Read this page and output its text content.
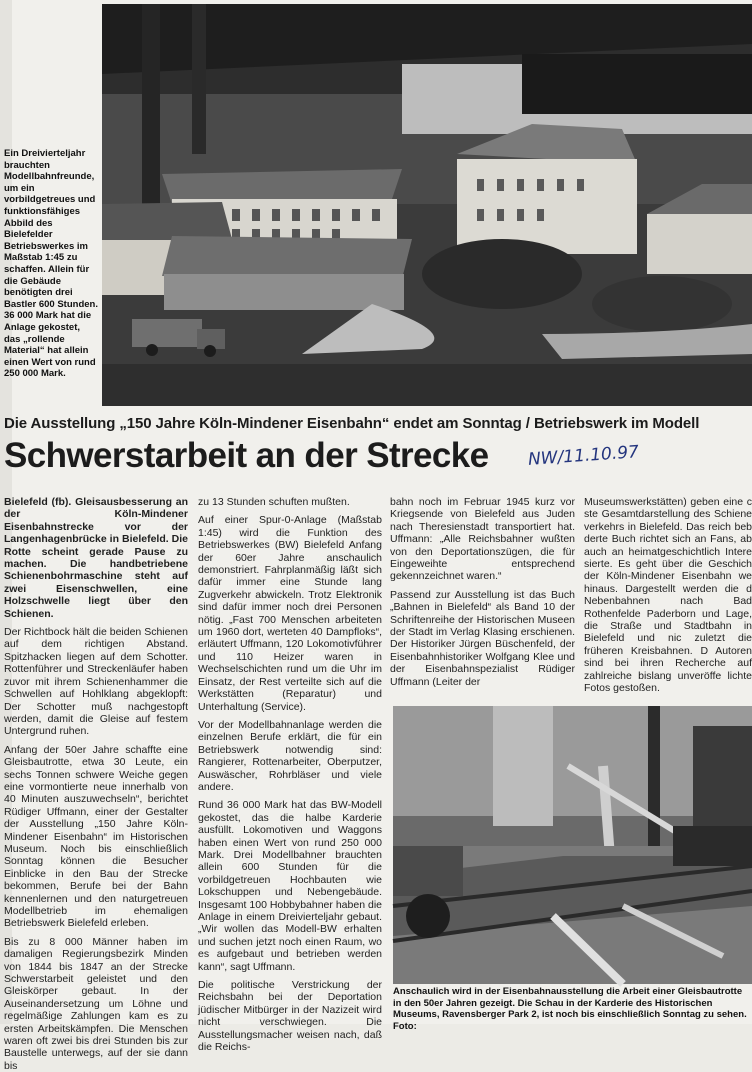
Ein Dreivierteljahr brauchten Modellbahnfreunde, um ein vorbildgetreues und funktionsfähiges Abbild des Bielefelder Betriebswerkes im Maßstab 1:45 zu schaffen. Allein für die Gebäude benötigten drei Bastler 600 Stunden. 36 000 Mark hat die Anlage gekostet, das „rollende Material“ hat allein einen Wert von rund 250 000 Mark.
Die Ausstellung „150 Jahre Köln-Mindener Eisenbahn“ endet am Sonntag / Betriebswerk im Modell
Schwerstarbeit an der Strecke	NW/11.10.97

Bielefeld (fb). Gleisausbesserung an der Köln-Mindener Eisenbahnstrecke vor der Langenhagenbrücke in Bielefeld. Die Rotte scheint gerade Pause zu machen. Die handbetriebene Schienenbohrmaschine steht auf zwei Eisenschwellen, eine Holzschwelle liegt über den Schienen.

Der Richtbock hält die beiden Schienen auf dem richtigen Abstand. Spitzhacken liegen auf dem Schotter. Rottenführer und Streckenläufer haben zuvor mit ihrem Schienenhammer die Schwellen auf Hohlklang abgeklopft: Der Schotter muß nachgestopft werden, damit die Gleise auf festem Untergrund ruhen.

Anfang der 50er Jahre schaffte eine Gleisbautrotte, etwa 30 Leute, ein sechs Tonnen schwere Weiche gegen eine vormontierte neue innerhalb von 40 Minuten auszuwechseln“, berichtet Rüdiger Uffmann, einer der Gestalter der Ausstellung „150 Jahre Köln-Mindener Eisenbahn“ im Historischen Museum. Noch bis einschließlich Sonntag können die Besucher Einblicke in den Bau der Strecke bekommen, Berufe bei der Bahn kennenlernen und den naturgetreuen Modellbetrieb im ehemaligen Betriebswerk Bielefeld erleben.

Bis zu 8 000 Männer haben im damaligen Regierungsbezirk Minden von 1844 bis 1847 an der Strecke Schwerstarbeit geleistet und den Gleiskörper gebaut. In der Auseinandersetzung um Löhne und regelmäßige Zahlungen kam es zu ersten Arbeitskämpfen. Die Menschen waren oft zwei bis drei Stunden bis zur Baustelle unterwegs, auf der sie dann bis

zu 13 Stunden schuften mußten.

Auf einer Spur-0-Anlage (Maßstab 1:45) wird die Funktion des Betriebswerkes (BW) Bielefeld Anfang der 60er Jahre anschaulich demonstriert. Fahrplanmäßig läßt sich dafür immer eine Stunde lang Zugverkehr abwickeln. Trotz Elektronik sind dafür immer noch drei Personen nötig. „Fast 700 Menschen arbeiteten um 1960 dort, werteten 40 Dampfloks“, erläutert Uffmann, 120 Lokomotivführer und 110 Heizer waren in Wechselschichten rund um die Uhr im Einsatz, der Rest verteilte sich auf die Werkstätten (Reparatur) und Unterhaltung (Service).

Vor der Modellbahnanlage werden die einzelnen Berufe erklärt, die für ein Betriebswerk notwendig sind: Rangierer, Rottenarbeiter, Oberputzer, Auswäscher, Rohrbläser und viele andere.

Rund 36 000 Mark hat das BW-Modell gekostet, das die halbe Karderie ausfüllt. Lokomotiven und Waggons haben einen Wert von rund 250 000 Mark. Drei Modellbahner brauchten allein 600 Stunden für die vorbildgetreuen Hochbauten wie Lokschuppen und Nebengebäude. Insgesamt 100 Hobbybahner haben die Anlage in einem Dreivierteljahr gebaut. „Wir wollen das Modell-BW erhalten und suchen jetzt noch einen Raum, wo es aufgebaut und betrieben werden kann“, sagt Uffmann.

Die politische Verstrickung der Reichsbahn bei der Deportation jüdischer Mitbürger in der Nazizeit wird nicht verschwiegen. Die Ausstellungsmacher weisen nach, daß die Reichs-

bahn noch im Februar 1945 kurz vor Kriegsende von Bielefeld aus Juden nach Theresienstadt transportiert hat. Uffmann: „Alle Reichsbahner wußten von den Deportationszügen, die für Eingeweihte entsprechend gekennzeichnet waren.“

Passend zur Ausstellung ist das Buch „Bahnen in Bielefeld“ als Band 10 der Schriftenreihe der Historischen Museen der Stadt im Verlag Klasing erschienen. Der Historiker Jürgen Büschenfeld, der Eisenbahnhistoriker Wolfgang Klee und der Eisenbahnspezialist Rüdiger Uffmann (Leiter der

Museumswerkstätten) geben eine c ste Gesamtdarstellung des Schiene verkehrs in Bielefeld. Das reich beb derte Buch richtet sich an Fans, ab auch an heimatgeschichtlich Intere sierte. Es geht über die Geschich der Köln-Mindener Eisenbahn we hinaus. Dargestellt werden die d Nebenbahnen nach Bad Rothenfelde Paderborn und Lage, die Straße und Stadtbahn in Bielefeld und nic zuletzt die früheren Kreisbahnen. D Autoren sind bei ihren Recherche auf zahlreiche bislang unveröffe lichte Fotos gestoßen.

Anschaulich wird in der Eisenbahnausstellung die Arbeit einer Gleisbautrotte in den 50er Jahren gezeigt. Die Schau in der Karderie des Historischen Museums, Ravensberger Park 2, ist noch bis einschließlich Sonntag zu sehen. Foto:
